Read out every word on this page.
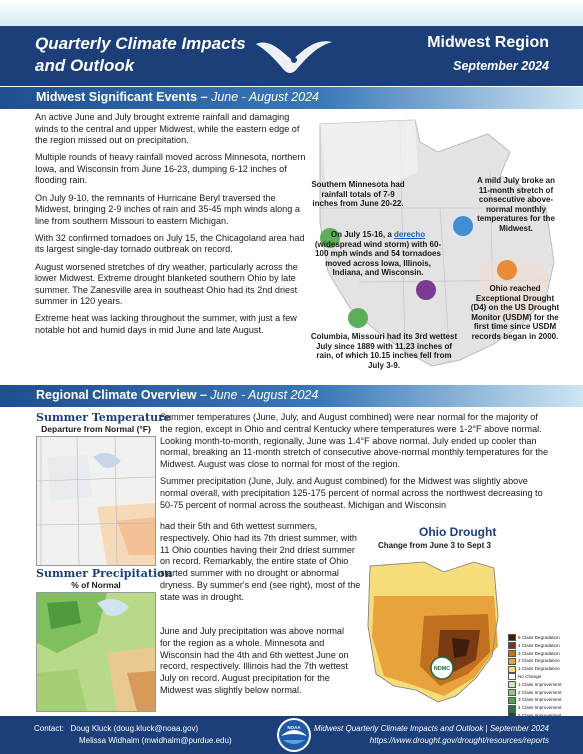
Quarterly Climate Impacts
and Outlook
Midwest Region
September 2024
Midwest Significant Events – June - August 2024

An active June and July brought extreme rainfall and damaging winds to the central and upper Midwest, while the eastern edge of the region missed out on precipitation.

Multiple rounds of heavy rainfall moved across Minnesota, northern Iowa, and Wisconsin from June 16-23, dumping 6-12 inches of flooding rain.

On July 9-10, the remnants of Hurricane Beryl traversed the Midwest, bringing 2-9 inches of rain and 35-45 mph winds along a line from southern Missouri to eastern Michigan.

With 32 confirmed tornadoes on July 15, the Chicagoland area had its largest single-day tornado outbreak on record.

August worsened stretches of dry weather, particularly across the lower Midwest. Extreme drought blanketed southern Ohio by late summer. The Zanesville area in southeast Ohio had its 2nd driest summer in 120 years.

Extreme heat was lacking throughout the summer, with just a few notable hot and humid days in mid June and late August.

Southern Minnesota had rainfall totals of 7-9 inches from June 20-22.
A mild July broke an 11-month stretch of consecutive above-normal monthly temperatures for the Midwest.
On July 15-16, a derecho (widespread wind storm) with 60-100 mph winds and 54 tornadoes moved across Iowa, Illinois, Indiana, and Wisconsin.
Ohio reached Exceptional Drought (D4) on the US Drought Monitor (USDM) for the first time since USDM records began in 2000.
Columbia, Missouri had its 3rd wettest July since 1889 with 11.23 inches of rain, of which 10.15 inches fell from July 3-9.
Regional Climate Overview – June - August 2024
Summer Temperature
Departure from Normal (°F)
Summer Precipitation
% of Normal

Summer temperatures (June, July, and August combined) were near normal for the majority of the region, except in Ohio and central Kentucky where temperatures were 1-2°F above normal. Looking month-to-month, regionally, June was 1.4°F above normal. July ended up cooler than normal, breaking an 11-month stretch of consecutive above-normal monthly temperatures for the Midwest. August was close to normal for most of the region.

Summer precipitation (June, July, and August combined) for the Midwest was slightly above normal overall, with precipitation 125-175 percent of normal across the northwest decreasing to 50-75 percent of normal across the southeast. Michigan and Wisconsin

had their 5th and 6th wettest summers, respectively. Ohio had its 7th driest summer, with 11 Ohio counties having their 2nd driest summer on record. Remarkably, the entire state of Ohio started summer with no drought or abnormal dryness. By summer's end (see right), most of the state was in drought.

June and July precipitation was above normal for the region as a whole. Minnesota and Wisconsin had the 4th and 6th wettest June on record, respectively. Illinois had the 7th wettest July on record. August precipitation for the Midwest was slightly below normal.

Ohio Drought
Change from June 3 to Sept 3
NDMC
5 Class Degradation
4 Class Degradation
3 Class Degradation
2 Class Degradation
1 Class Degradation
No Change
1 Class Improvement
2 Class Improvement
3 Class Improvement
4 Class Improvement
Contact: Doug Kluck (doug.kluck@noaa.gov)
Melissa Widhalm (mwidhalm@purdue.edu)
NOAA Midwest Quarterly Climate Impacts and Outlook | September 2024
https://www.drought.gov/drought/resources/reports
